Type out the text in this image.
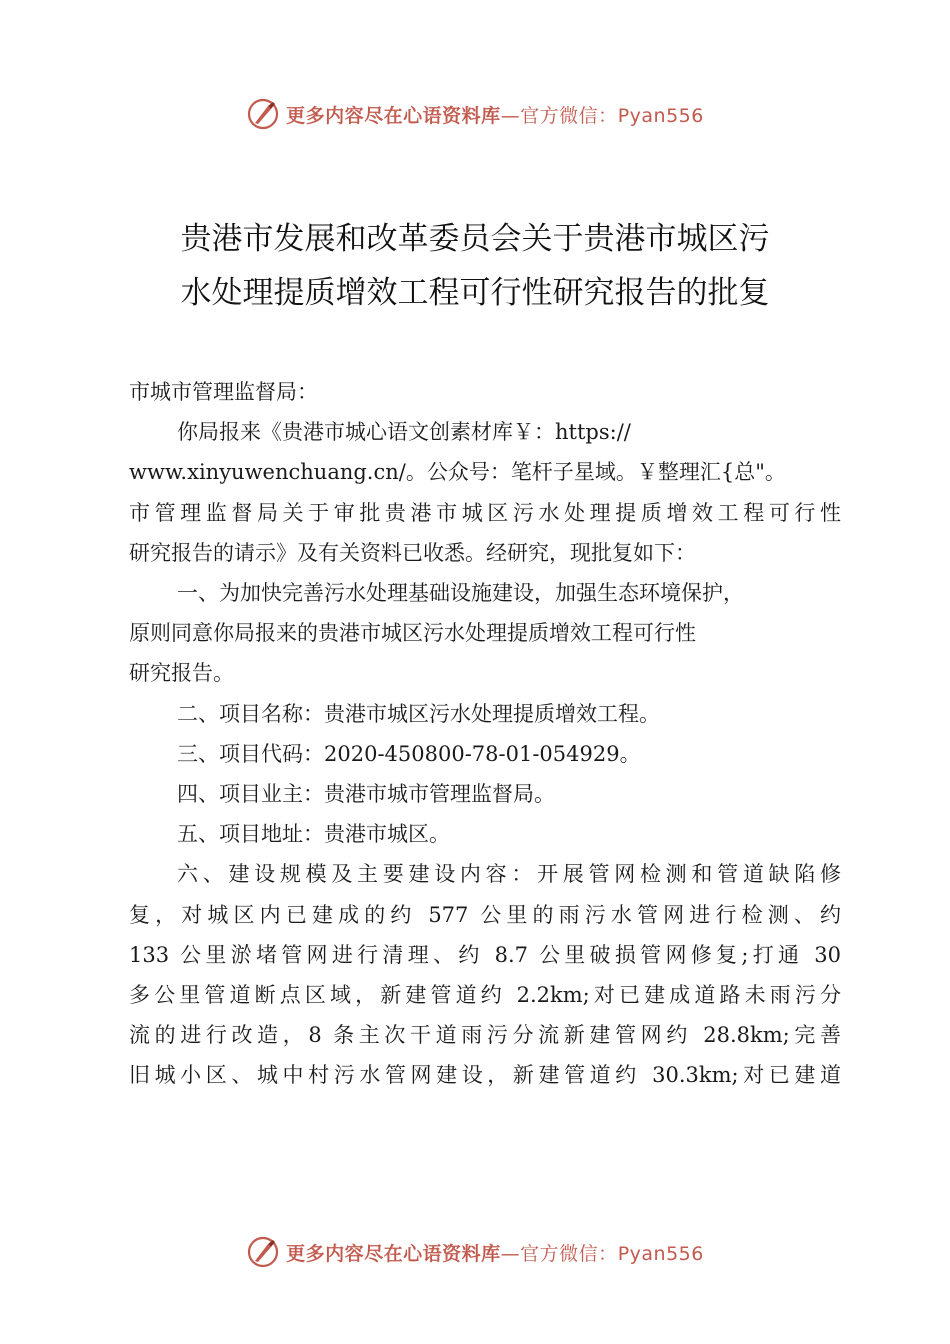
更多内容尽在心语资料库—官方微信：Pyan556
贵港市发展和改革委员会关于贵港市城区污
水处理提质增效工程可行性研究报告的批复
市城市管理监督局：
你局报来《贵港市城心语文创素材库￥：https://
www.xinyuwenchuang.cn/。公众号：笔杆子星域。￥整理汇{总"。
市管理监督局关于审批贵港市城区污水处理提质增效工程可行性
研究报告的请示》及有关资料已收悉。经研究，现批复如下：
一、为加快完善污水处理基础设施建设，加强生态环境保护，
原则同意你局报来的贵港市城区污水处理提质增效工程可行性
研究报告。
二、项目名称：贵港市城区污水处理提质增效工程。
三、项目代码：2020-450800-78-01-054929。
四、项目业主：贵港市城市管理监督局。
五、项目地址：贵港市城区。
六、建设规模及主要建设内容：开展管网检测和管道缺陷修
复，对城区内已建成的约 577 公里的雨污水管网进行检测、约
133 公里淤堵管网进行清理、约 8.7 公里破损管网修复;打通 30
多公里管道断点区域，新建管道约 2.2km;对已建成道路未雨污分
流的进行改造，8 条主次干道雨污分流新建管网约 28.8km;完善
旧城小区、城中村污水管网建设，新建管道约 30.3km;对已建道
更多内容尽在心语资料库—官方微信：Pyan556
